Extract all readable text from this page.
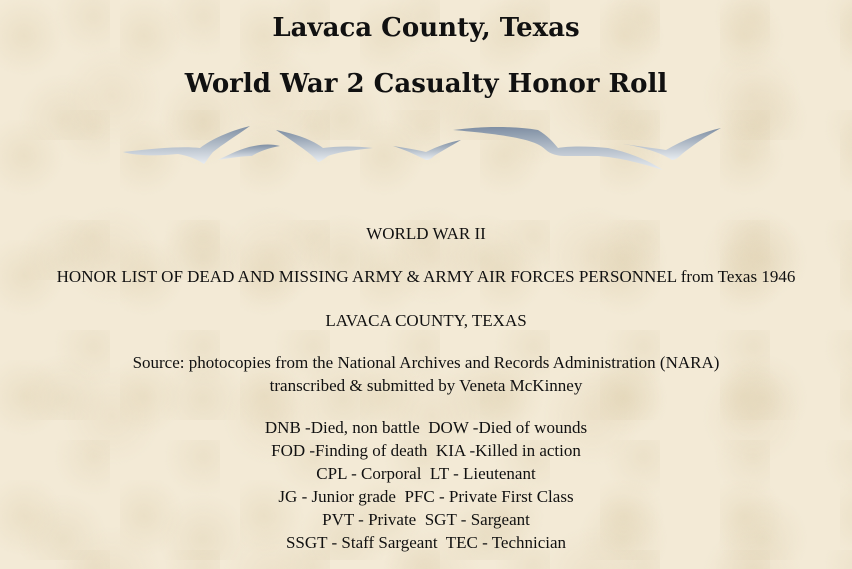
Lavaca County, Texas
World War 2 Casualty Honor Roll
WORLD WAR II
HONOR LIST OF DEAD AND MISSING ARMY & ARMY AIR FORCES PERSONNEL from Texas 1946
LAVACA COUNTY, TEXAS
Source: photocopies from the National Archives and Records Administration (NARA)
transcribed & submitted by Veneta McKinney
DNB -Died, non battle  DOW -Died of wounds
FOD -Finding of death  KIA -Killed in action
CPL - Corporal  LT - Lieutenant
JG - Junior grade  PFC - Private First Class
PVT - Private  SGT - Sargeant
SSGT - Staff Sargeant  TEC - Technician
